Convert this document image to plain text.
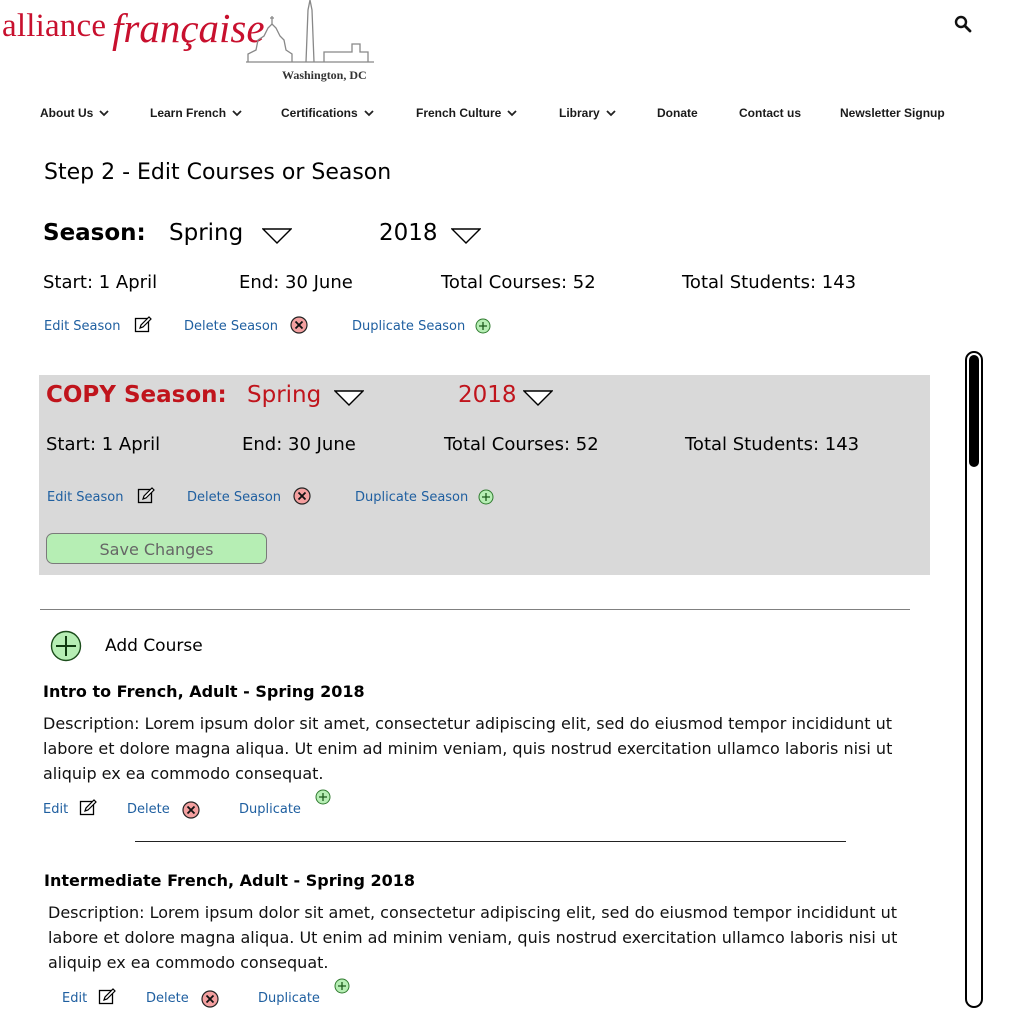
alliance française
Washington, DC
About Us	Learn French	Certifications	French Culture	Library	Donate	Contact us	Newsletter Signup
Step 2 - Edit Courses or Season
Season: Spring	2018
Start: 1 April	End: 30 June	Total Courses: 52	Total Students: 143
Edit Season	Delete Season	Duplicate Season
COPY Season: Spring	2018
Start: 1 April	End: 30 June	Total Courses: 52	Total Students: 143
Edit Season	Delete Season	Duplicate Season
Save Changes
Add Course
Intro to French, Adult - Spring 2018
Description: Lorem ipsum dolor sit amet, consectetur adipiscing elit, sed do eiusmod tempor incididunt ut labore et dolore magna aliqua. Ut enim ad minim veniam, quis nostrud exercitation ullamco laboris nisi ut aliquip ex ea commodo consequat.
Edit	Delete	Duplicate
Intermediate French, Adult - Spring 2018
Description: Lorem ipsum dolor sit amet, consectetur adipiscing elit, sed do eiusmod tempor incididunt ut labore et dolore magna aliqua. Ut enim ad minim veniam, quis nostrud exercitation ullamco laboris nisi ut aliquip ex ea commodo consequat.
Edit	Delete	Duplicate
